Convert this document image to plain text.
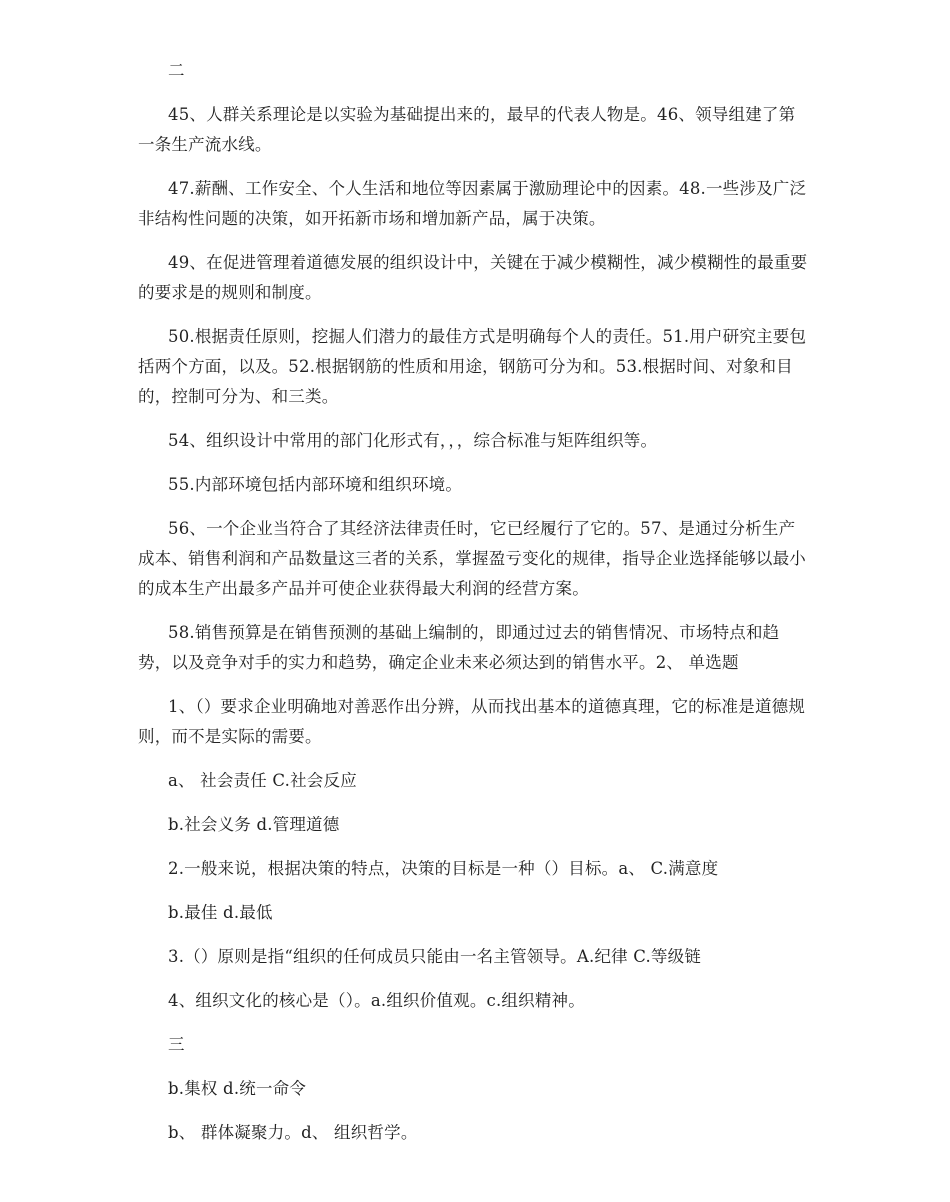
二

45、人群关系理论是以实验为基础提出来的，最早的代表人物是。46、领导组建了第一条生产流水线。

47.薪酬、工作安全、个人生活和地位等因素属于激励理论中的因素。48.一些涉及广泛非结构性问题的决策，如开拓新市场和增加新产品，属于决策。

49、在促进管理着道德发展的组织设计中，关键在于减少模糊性，减少模糊性的最重要的要求是的规则和制度。

50.根据责任原则，挖掘人们潜力的最佳方式是明确每个人的责任。51.用户研究主要包括两个方面，以及。52.根据钢筋的性质和用途，钢筋可分为和。53.根据时间、对象和目的，控制可分为、和三类。

54、组织设计中常用的部门化形式有，，，综合标准与矩阵组织等。

55.内部环境包括内部环境和组织环境。

56、一个企业当符合了其经济法律责任时，它已经履行了它的。57、是通过分析生产成本、销售利润和产品数量这三者的关系，掌握盈亏变化的规律，指导企业选择能够以最小的成本生产出最多产品并可使企业获得最大利润的经营方案。

58.销售预算是在销售预测的基础上编制的，即通过过去的销售情况、市场特点和趋势，以及竞争对手的实力和趋势，确定企业未来必须达到的销售水平。2、 单选题

1、（）要求企业明确地对善恶作出分辨，从而找出基本的道德真理，它的标准是道德规则，而不是实际的需要。

a、 社会责任 C.社会反应

b.社会义务 d.管理道德

2.一般来说，根据决策的特点，决策的目标是一种（）目标。a、 C.满意度

b.最佳 d.最低

3.（）原则是指“组织的任何成员只能由一名主管领导。A.纪律 C.等级链

4、组织文化的核心是（）。a.组织价值观。c.组织精神。

三

b.集权 d.统一命令

b、 群体凝聚力。d、 组织哲学。
